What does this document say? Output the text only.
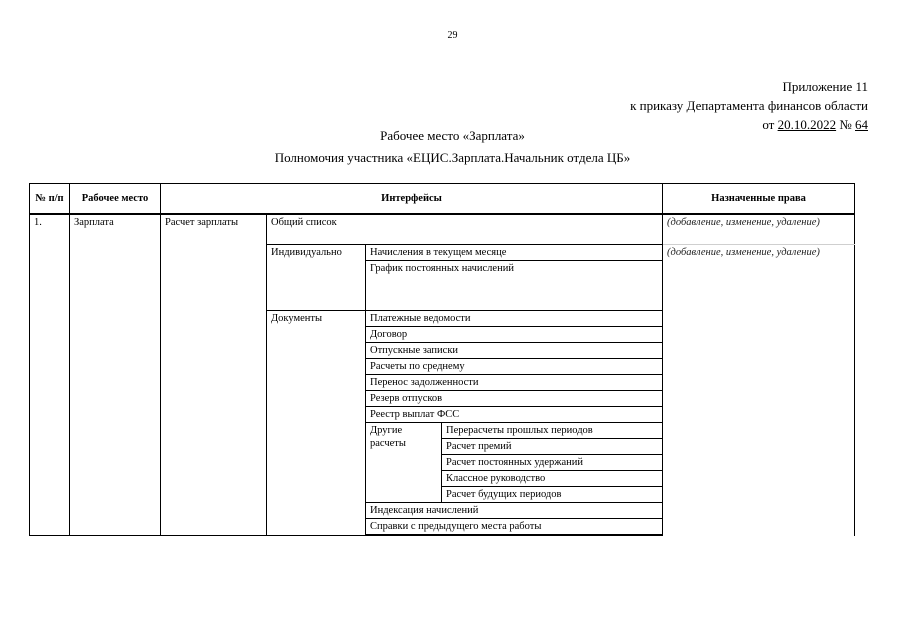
29
Приложение 11
к приказу Департамента финансов области
от 20.10.2022 № 64
Рабочее место «Зарплата»
Полномочия участника «ЕЦИС.Зарплата.Начальник отдела ЦБ»
№ п/п	Рабочее место	Интерфейсы				Назначенные права
1.	Зарплата	Расчет зарплаты	Общий список			(добавление, изменение, удаление)
			Индивидуально	Начисления в текущем месяце		(добавление, изменение, удаление)
				График постоянных начислений		
			Документы	Платежные ведомости		
				Договор		
				Отпускные записки		
				Расчеты по среднему		
				Перенос задолженности		
				Резерв отпусков		
				Реестр выплат ФСС		
				Другие расчеты	Перерасчеты прошлых периодов	
					Расчет премий	
					Расчет постоянных удержаний	
					Классное руководство	
					Расчет будущих периодов	
				Индексация начислений		
				Справки с предыдущего места работы		
